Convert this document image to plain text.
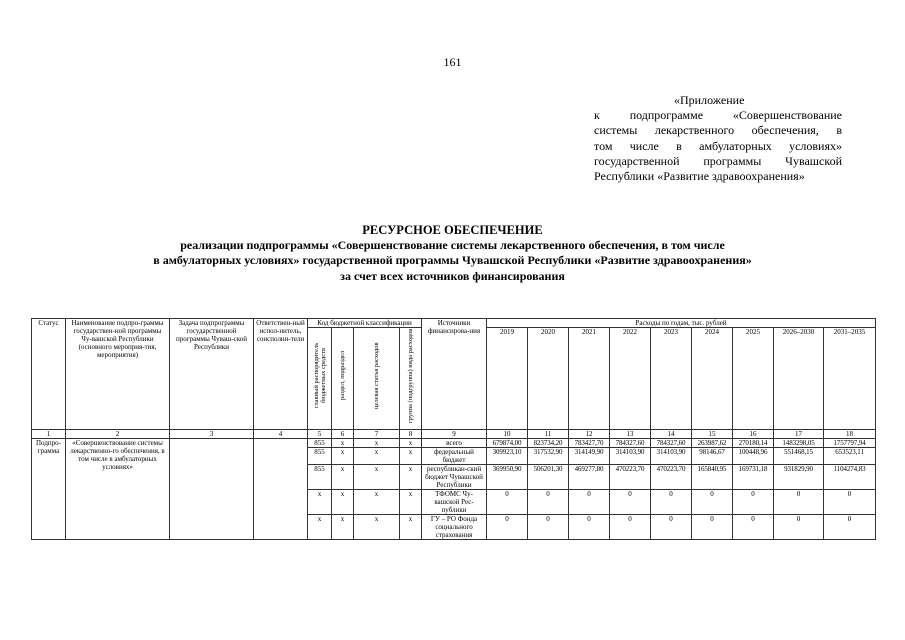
161
«Приложение
к подпрограмме «Совершенствование
системы лекарственного обеспечения, в
том числе в амбулаторных условиях»
государственной программы Чувашской
Республики «Развитие здравоохранения»
РЕСУРСНОЕ ОБЕСПЕЧЕНИЕ
реализации подпрограммы «Совершенствование системы лекарственного обеспечения, в том числе
в амбулаторных условиях» государственной программы Чувашской Республики «Развитие здравоохранения»
за счет всех источников финансирования
Статус	Наименование подпро-граммы государствен-ной программы Чу-вашской Республики (основного мероприя-тия, мероприятия)	Задача подпрограммы государственной программы Чуваш-ской Республики	Ответствен-ный испол-нитель, соисполни-тели	Код бюджетной классификации				Источники финансирова-ния	Расходы по годам, тыс. рублей								
				главный распорядитель бюджетных средств	раздел, подраздел	целевая статья расходов	группа (подгруппа) вида расходов		2019	2020	2021	2022	2023	2024	2025	2026–2030	2031–2035
1	2	3	4	5	6	7	8	9	10	11	12	13	14	15	16	17	18
Подпро-грамма	«Совершенствование системы лекарственно-го обеспечения, в том числе в амбулаторных условиях»			855	x	x	x	всего	679874,00	823734,20	783427,70	784327,60	784327,60	263987,62	270180,14	1483298,05	1757797,94
				855	x	x	x	федеральный бюджет	309923,10	317532,90	314149,90	314103,90	314103,90	98146,67	100448,96	551468,15	653523,11
				855	x	x	x	республикан-ский бюджет Чувашской Республики	369950,90	506201,30	469277,80	470223,70	470223,70	165840,95	169731,18	931829,90	1104274,83
				x	x	x	x	ТФОМС Чу-вашской Рес-публики	0	0	0	0	0	0	0	0	0
				x	x	x	x	ГУ – РО Фонда социального страхования	0	0	0	0	0	0	0	0	0
